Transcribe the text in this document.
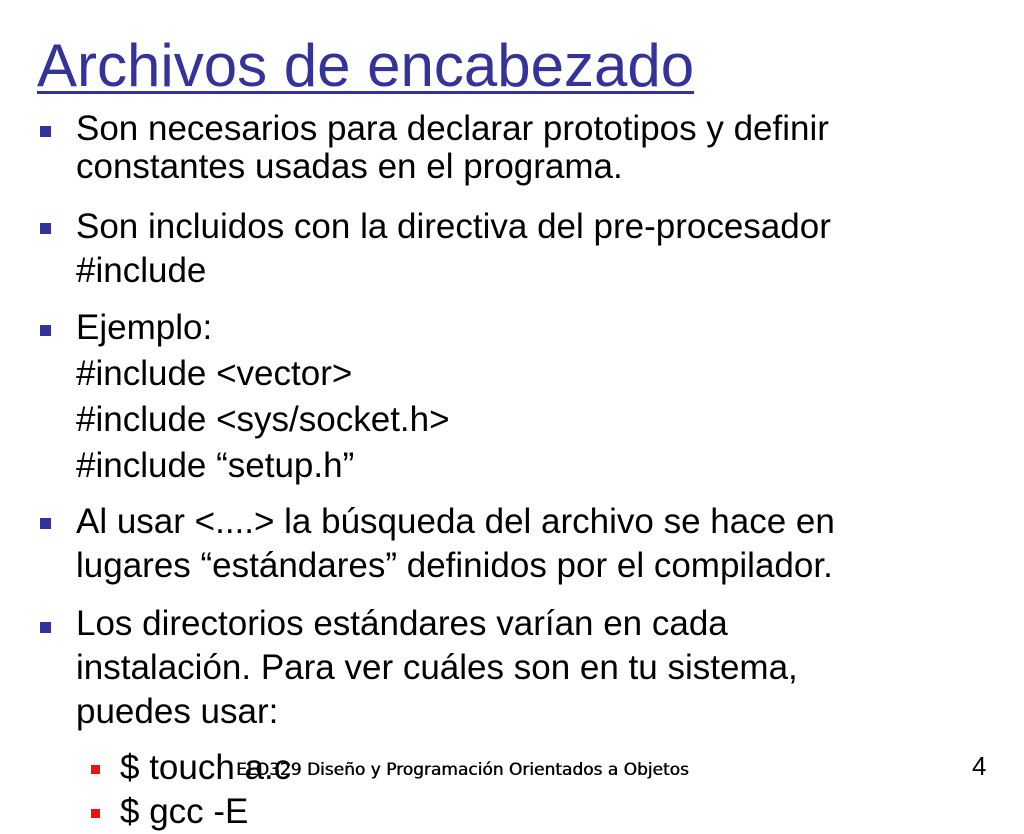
Archivos de encabezado
Son necesarios para declarar prototipos y definir
constantes usadas en el programa.
Son incluidos con la directiva del pre-procesador
#include
Ejemplo:
#include <vector>
#include <sys/socket.h>
#include “setup.h”
Al usar <....> la búsqueda del archivo se hace en
lugares “estándares” definidos por el compilador.
Los directorios estándares varían en cada
instalación. Para ver cuáles son en tu sistema,
puedes usar:
$ touch a.c
$ gcc -E
ELO329 Diseño y Programación Orientados a Objetos	4
